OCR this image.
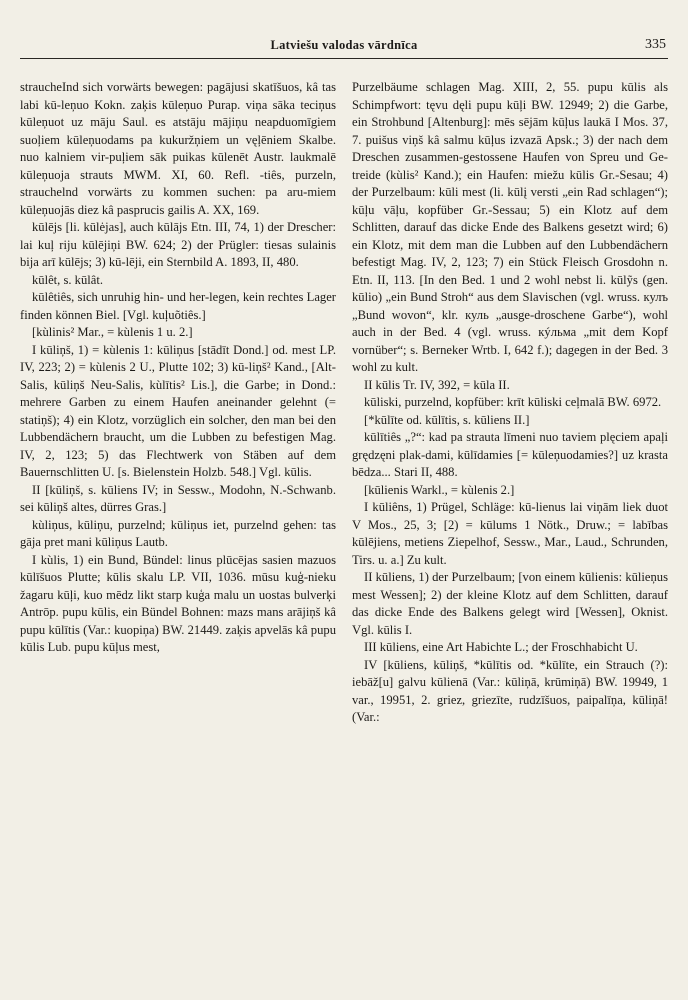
Latviešu valodas vārdnīca	335

straucheInd sich vorwärts bewegen: pagājusi skatīšuos, kâ tas labi kū-leņuo Kokn. zaķis kūleņuo Purap. viņa sāka teciņus kūleņuot uz māju Saul. es atstāju mājiņu neapduomīgiem suoļiem kūleņuodams pa kukuržņiem un vęļēniem Skalbe. nuo kalniem vir-puļiem sāk puikas kūlenēt Austr. laukmalē kūleņuoja strauts MWM. XI, 60. Refl. -tiês, purzeln, strauchelnd vorwärts zu kommen suchen: pa aru-miem kūleņuojās diez kâ pasprucis gailis A. XX, 169.

kūlējs [li. kūlėjas], auch kūlājs Etn. III, 74, 1) der Drescher: lai kuļ riju kūlējiņi BW. 624; 2) der Prügler: tiesas sulainis bija arī kūlējs; 3) kū-lēji, ein Sternbild A. 1893, II, 480.

kūlêt, s. kūlât.

kūlêtiês, sich unruhig hin- und her-legen, kein rechtes Lager finden können Biel. [Vgl. kuļuõtiês.]

[kùlinis² Mar., = kùlenis 1 u. 2.]

I kūliņš, 1) = kùlenis 1: kūliņus [stādīt Dond.] od. mest LP. IV, 223; 2) = kùlenis 2 U., Plutte 102; 3) kū-liņš² Kand., [Alt-Salis, kūliņš Neu-Salis, kùlītis² Lis.], die Garbe; in Dond.: mehrere Garben zu einem Haufen aneinander gelehnt (= statiņš); 4) ein Klotz, vorzüglich ein solcher, den man bei den Lubbendächern braucht, um die Lubben zu befestigen Mag. IV, 2, 123; 5) das Flechtwerk von Stäben auf dem Bauernschlitten U. [s. Bielenstein Holzb. 548.] Vgl. kūlis.

II [kūliņš, s. kūliens IV; in Sessw., Modohn, N.-Schwanb. sei kūliņš altes, dürres Gras.]

kùliņus, kūliņu, purzelnd; kūliņus iet, purzelnd gehen: tas gāja pret mani kūliņus Lautb.

I kùlis, 1) ein Bund, Bündel: linus plūcējas sasien mazuos kūlīšuos Plutte; kūlis skalu LP. VII, 1036. mūsu kuģ-nieku žagaru kūļi, kuo mēdz likt starp kuģa malu un uostas bulverķi Antrōp. pupu kūlis, ein Bündel Bohnen: mazs mans arājiņš kâ pupu kūlītis (Var.: kuopiņa) BW. 21449. zaķis apvelās kâ pupu kūlis Lub. pupu kūļus mest,

Purzelbäume schlagen Mag. XIII, 2, 55. pupu kūlis als Schimpfwort: tęvu dęli pupu kūļi BW. 12949; 2) die Garbe, ein Strohbund [Altenburg]: mēs sējām kūļus laukā I Mos. 37, 7. puišus viņš kâ salmu kūļus izvazā Apsk.; 3) der nach dem Dreschen zusammen-gestossene Haufen von Spreu und Ge-treide (kùlis² Kand.); ein Haufen: miežu kūlis Gr.-Sesau; 4) der Purzelbaum: kūli mest (li. kūlį versti „ein Rad schlagen“); kūļu vāļu, kopfüber Gr.-Sessau; 5) ein Klotz auf dem Schlitten, darauf das dicke Ende des Balkens gesetzt wird; 6) ein Klotz, mit dem man die Lubben auf den Lubbendächern befestigt Mag. IV, 2, 123; 7) ein Stück Fleisch Grosdohn n. Etn. II, 113. [In den Bed. 1 und 2 wohl nebst li. kūlỹs (gen. kūlio) „ein Bund Stroh“ aus dem Slavischen (vgl. wruss. кулъ „Bund wovon“, klr. куль „ausge-droschene Garbe“), wohl auch in der Bed. 4 (vgl. wruss. кýльма „mit dem Kopf vornüber“; s. Berneker Wrtb. I, 642 f.); dagegen in der Bed. 3 wohl zu kult.

II kūlis Tr. IV, 392, = kūla II.

kūliski, purzelnd, kopfüber: krīt kūliski ceļmalā BW. 6972.

[*kūlīte od. kūlītis, s. kūliens II.]

kūlītiês „?“: kad pa strauta līmeni nuo taviem plęciem apaļi grędzęni plak-dami, kūlīdamies [= kūleņuodamies?] uz krasta bēdza... Stari II, 488.

[kūlienis Warkl., = kùlenis 2.]

I kūliêns, 1) Prügel, Schläge: kū-lienus lai viņām liek duot V Mos., 25, 3; [2) = kūlums 1 Nötk., Druw.; = labības kūlējiens, metiens Ziepelhof, Sessw., Mar., Laud., Schrunden, Tirs. u. a.] Zu kult.

II kūliens, 1) der Purzelbaum; [von einem kūlienis: kūlieņus mest Wessen]; 2) der kleine Klotz auf dem Schlitten, darauf das dicke Ende des Balkens gelegt wird [Wessen], Oknist. Vgl. kūlis I.

III kūliens, eine Art Habichte L.; der Froschhabicht U.

IV [kūliens, kūliņš, *kūlītis od. *kūlīte, ein Strauch (?): iebāž[u] galvu kūlienā (Var.: kūliņā, krūmiņā) BW. 19949, 1 var., 19951, 2. griez, griezīte, rudzīšuos, paipalīņa, kūliņā! (Var.:
